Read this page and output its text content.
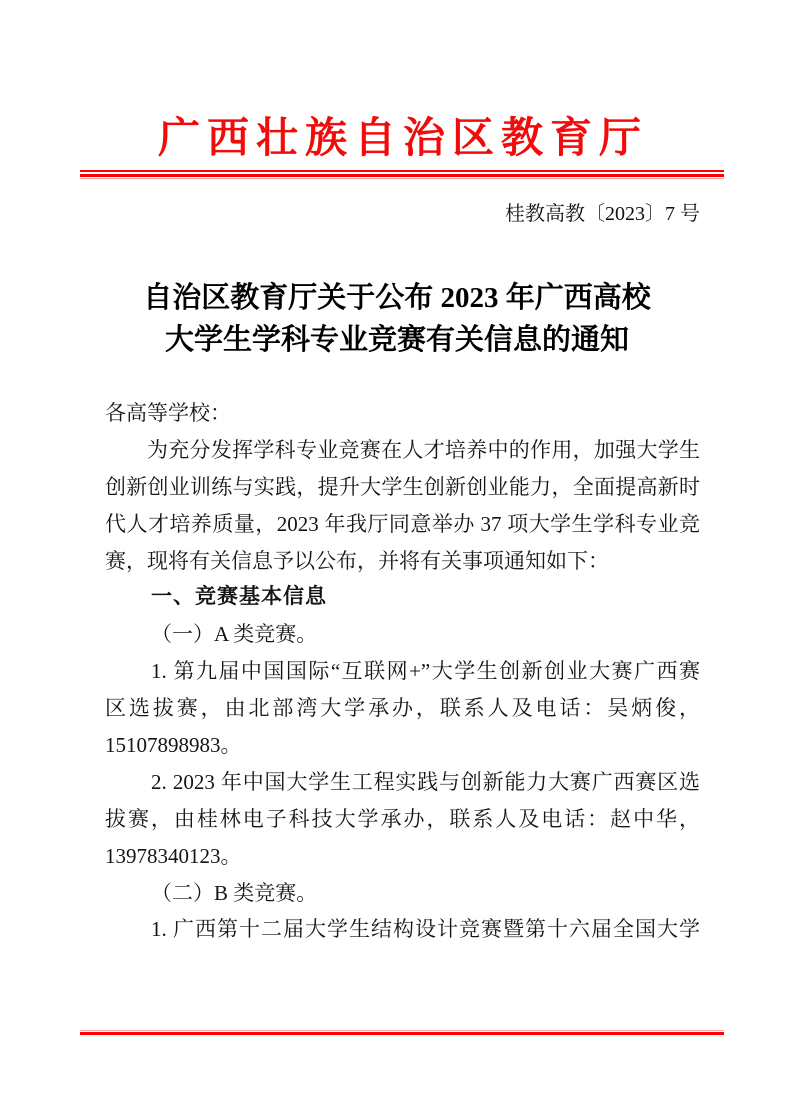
广西壮族自治区教育厅
桂教高教〔2023〕7 号
自治区教育厅关于公布 2023 年广西高校
大学生学科专业竞赛有关信息的通知
各高等学校：
为充分发挥学科专业竞赛在人才培养中的作用，加强大学生
创新创业训练与实践，提升大学生创新创业能力，全面提高新时
代人才培养质量，2023 年我厅同意举办 37 项大学生学科专业竞
赛，现将有关信息予以公布，并将有关事项通知如下：
一、竞赛基本信息
（一）A 类竞赛。
1. 第九届中国国际“互联网+”大学生创新创业大赛广西赛
区选拔赛，由北部湾大学承办，联系人及电话：吴炳俊，
15107898983。
2. 2023 年中国大学生工程实践与创新能力大赛广西赛区选
拔赛，由桂林电子科技大学承办，联系人及电话：赵中华，
13978340123。
（二）B 类竞赛。
1. 广西第十二届大学生结构设计竞赛暨第十六届全国大学
